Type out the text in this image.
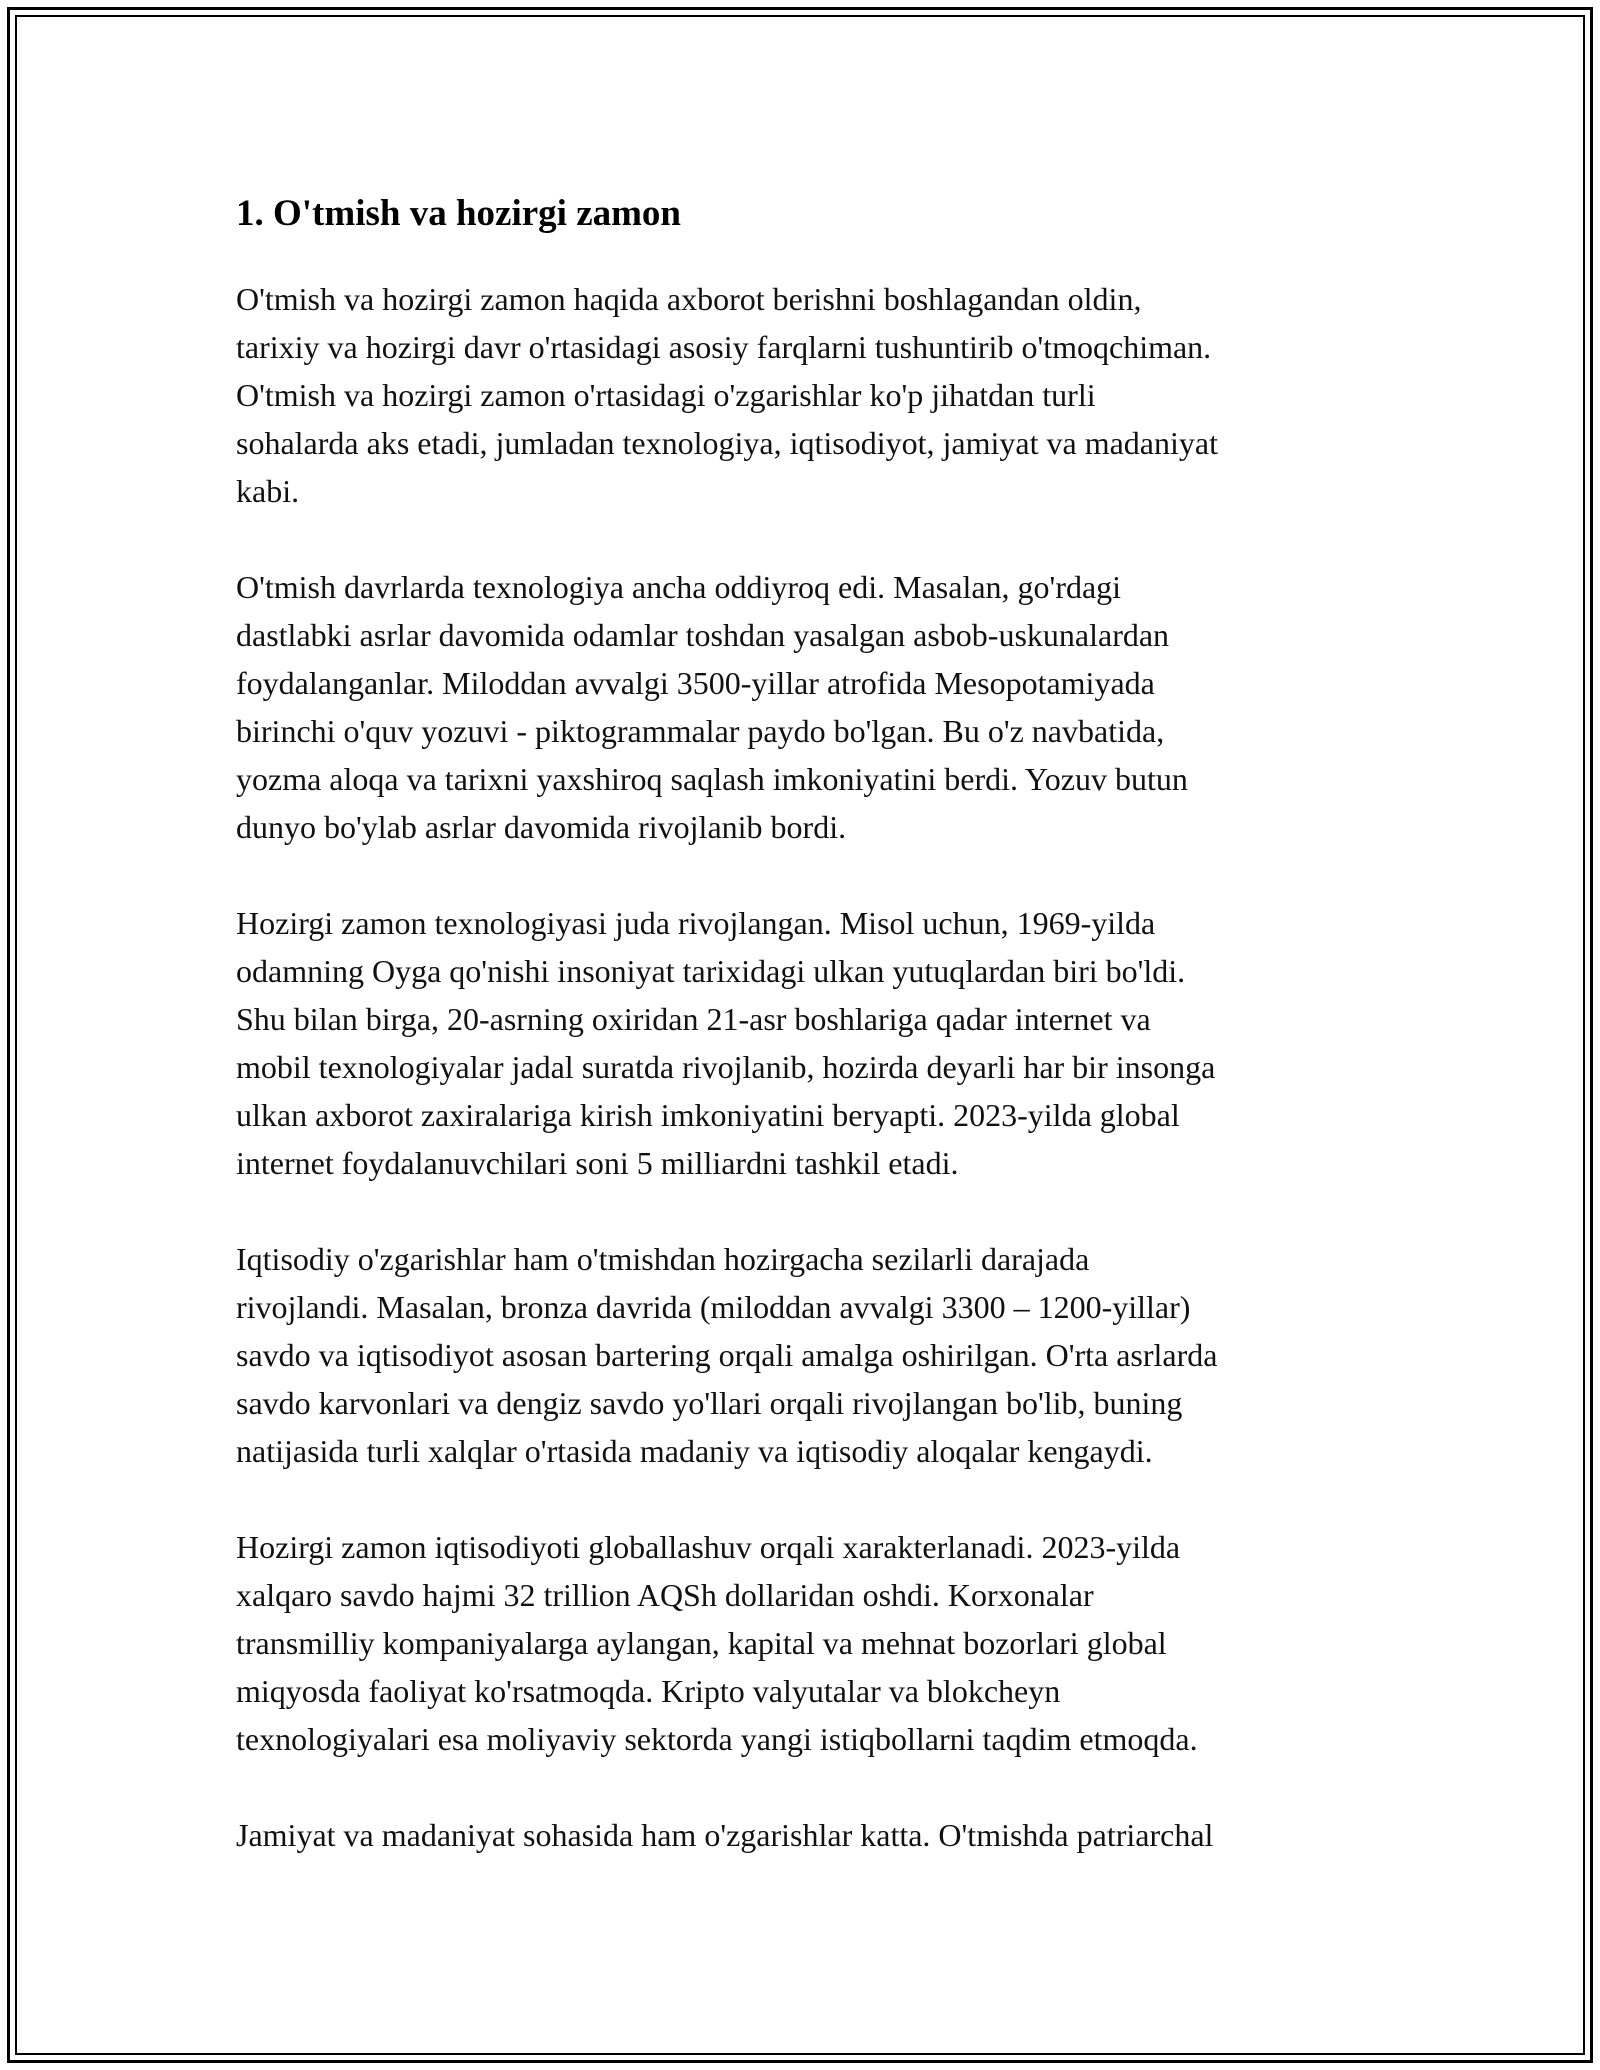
1. O'tmish va hozirgi zamon

O'tmish va hozirgi zamon haqida axborot berishni boshlagandan oldin,
tarixiy va hozirgi davr o'rtasidagi asosiy farqlarni tushuntirib o'tmoqchiman.
O'tmish va hozirgi zamon o'rtasidagi o'zgarishlar ko'p jihatdan turli
sohalarda aks etadi, jumladan texnologiya, iqtisodiyot, jamiyat va madaniyat
kabi.

O'tmish davrlarda texnologiya ancha oddiyroq edi. Masalan, go'rdagi
dastlabki asrlar davomida odamlar toshdan yasalgan asbob-uskunalardan
foydalanganlar. Miloddan avvalgi 3500-yillar atrofida Mesopotamiyada
birinchi o'quv yozuvi - piktogrammalar paydo bo'lgan. Bu o'z navbatida,
yozma aloqa va tarixni yaxshiroq saqlash imkoniyatini berdi. Yozuv butun
dunyo bo'ylab asrlar davomida rivojlanib bordi.

Hozirgi zamon texnologiyasi juda rivojlangan. Misol uchun, 1969-yilda
odamning Oyga qo'nishi insoniyat tarixidagi ulkan yutuqlardan biri bo'ldi.
Shu bilan birga, 20-asrning oxiridan 21-asr boshlariga qadar internet va
mobil texnologiyalar jadal suratda rivojlanib, hozirda deyarli har bir insonga
ulkan axborot zaxiralariga kirish imkoniyatini beryapti. 2023-yilda global
internet foydalanuvchilari soni 5 milliardni tashkil etadi.

Iqtisodiy o'zgarishlar ham o'tmishdan hozirgacha sezilarli darajada
rivojlandi. Masalan, bronza davrida (miloddan avvalgi 3300 – 1200-yillar)
savdo va iqtisodiyot asosan bartering orqali amalga oshirilgan. O'rta asrlarda
savdo karvonlari va dengiz savdo yo'llari orqali rivojlangan bo'lib, buning
natijasida turli xalqlar o'rtasida madaniy va iqtisodiy aloqalar kengaydi.

Hozirgi zamon iqtisodiyoti globallashuv orqali xarakterlanadi. 2023-yilda
xalqaro savdo hajmi 32 trillion AQSh dollaridan oshdi. Korxonalar
transmilliy kompaniyalarga aylangan, kapital va mehnat bozorlari global
miqyosda faoliyat ko'rsatmoqda. Kripto valyutalar va blokcheyn
texnologiyalari esa moliyaviy sektorda yangi istiqbollarni taqdim etmoqda.

Jamiyat va madaniyat sohasida ham o'zgarishlar katta. O'tmishda patriarchal
